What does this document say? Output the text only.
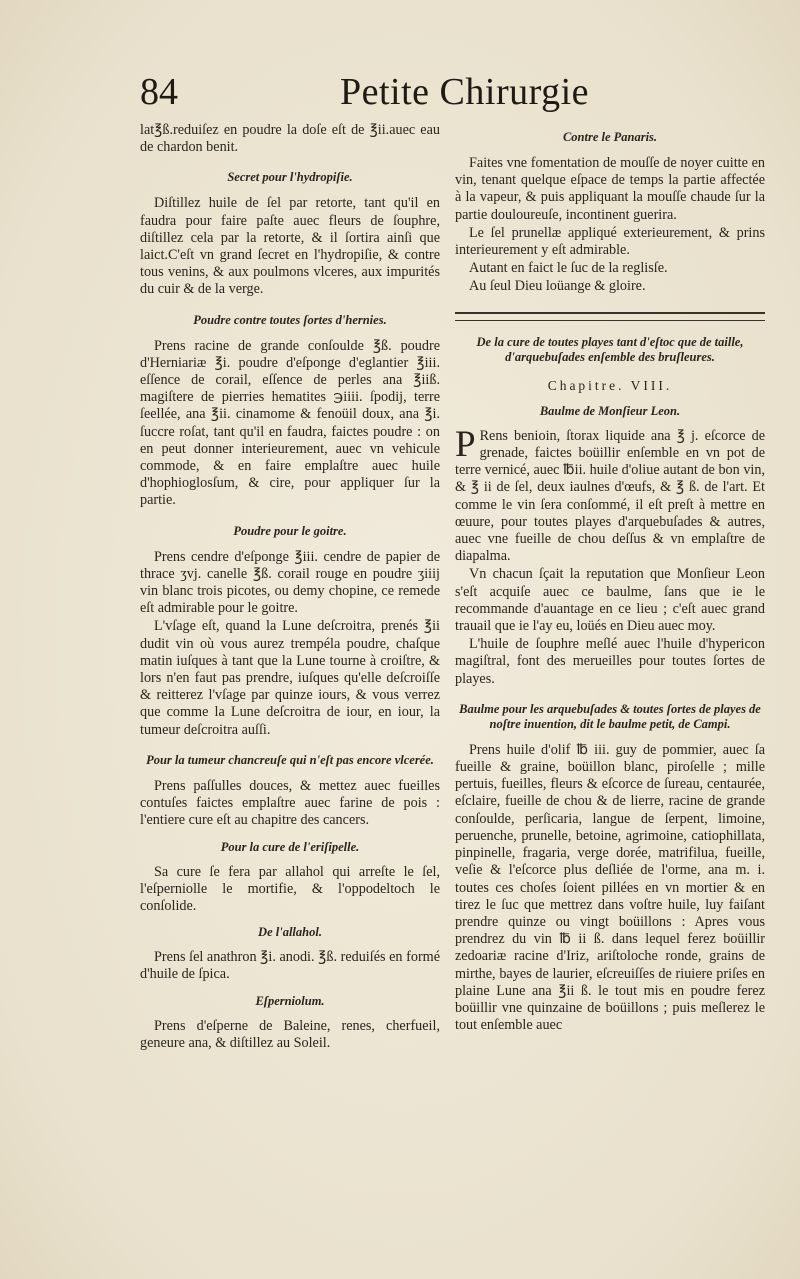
84	Petite Chirurgie

lat℥ß.reduiſez en poudre la doſe eſt de ℥ii.auec eau de chardon benit.

Secret pour l'hydropiſie.

Diſtillez huile de ſel par retorte, tant qu'il en faudra pour faire paſte auec fleurs de ſouphre, diſtillez cela par la retorte, & il ſortira ainſi que laict.C'eſt vn grand ſecret en l'hydropiſie, & contre tous venins, & aux poulmons vlceres, aux impurités du cuir & de la verge.

Poudre contre toutes ſortes d'hernies.

Prens racine de grande conſoulde ℥ß. poudre d'Herniariæ ℥i. poudre d'eſponge d'eglantier ℥iii. eſſence de corail, eſſence de perles ana ℥iiß. magiſtere de pierries hematites ℈iiii. ſpodij, terre ſeellée, ana ℥ii. cinamome & fenoüil doux, ana ℥i. ſuccre roſat, tant qu'il en faudra, faictes poudre : on en peut donner interieurement, auec vn vehicule commode, & en faire emplaſtre auec huile d'hophioglosſum, & cire, pour appliquer ſur la partie.

Poudre pour le goitre.

Prens cendre d'eſponge ℥iii. cendre de papier de thrace ʒvj. canelle ℥ß. corail rouge en poudre ʒiiij vin blanc trois picotes, ou demy chopine, ce remede eſt admirable pour le goitre.

L'vſage eſt, quand la Lune deſcroitra, prenés ℥ii dudit vin où vous aurez trempéla poudre, chaſque matin iuſques à tant que la Lune tourne à croiſtre, & lors n'en faut pas prendre, iuſques qu'elle deſcroiſſe & reitterez l'vſage par quinze iours, & vous verrez que comme la Lune deſcroitra de iour, en iour, la tumeur deſcroitra auſſi.

Pour la tumeur chancreuſe qui n'eſt pas encore vlcerée.

Prens paſſulles douces, & mettez auec fueilles contuſes faictes emplaſtre auec farine de pois : l'entiere cure eſt au chapitre des cancers.

Pour la cure de l'eriſipelle.

Sa cure ſe fera par allahol qui arreſte le ſel, l'eſperniolle le mortifie, & l'oppodeltoch le conſolide.

De l'allahol.

Prens ſel anathron ℥i. anodi. ℥ß. reduiſés en formé d'huile de ſpica.

Eſperniolum.

Prens d'eſperne de Baleine, renes, cherfueil, geneure ana, & diſtillez au Soleil.

Contre le Panaris.

Faites vne fomentation de mouſſe de noyer cuitte en vin, tenant quelque eſpace de temps la partie affectée à la vapeur, & puis appliquant la mouſſe chaude ſur la partie douloureuſe, incontinent guerira.

Le ſel prunellæ appliqué exterieurement, & prins interieurement y eſt admirable.

Autant en faict le ſuc de la reglisſe.

Au ſeul Dieu loüange & gloire.

De la cure de toutes playes tant d'eſtoc que de taille, d'arquebuſades enſemble des bruſleures.
Chapitre. VIII.
Baulme de Monſieur Leon.

P Rens benioin, ſtorax liquide ana ℥ j. eſcorce de grenade, faictes boüillir enſemble en vn pot de terre vernicé, auec ℔ii. huile d'oliue autant de bon vin, & ℥ ii de ſel, deux iaulnes d'œufs, & ℥ ß. de l'art. Et comme le vin ſera conſommé, il eſt preſt à mettre en œuure, pour toutes playes d'arquebuſades & autres, auec vne fueille de chou deſſus & vn emplaſtre de diapalma.

Vn chacun ſçait la reputation que Monſieur Leon s'eſt acquiſe auec ce baulme, ſans que ie le recommande d'auantage en ce lieu ; c'eſt auec grand trauail que ie l'ay eu, loüés en Dieu auec moy.

L'huile de ſouphre meſlé auec l'huile d'hypericon magiſtral, font des merueilles pour toutes ſortes de playes.

Baulme pour les arquebuſades & toutes ſortes de playes de noſtre inuention, dit le baulme petit, de Campi.

Prens huile d'olif ℔ iii. guy de pommier, auec ſa fueille & graine, boüillon blanc, piroſelle ; mille pertuis, fueilles, fleurs & eſcorce de ſureau, centaurée, eſclaire, fueille de chou & de lierre, racine de grande conſoulde, perſicaria, langue de ſerpent, limoine, peruenche, prunelle, betoine, agrimoine, catiophillata, pinpinelle, fragaria, verge dorée, matrifilua, fueille, veſie & l'eſcorce plus deſliée de l'orme, ana m. i. toutes ces choſes ſoient pillées en vn mortier & en tirez le ſuc que mettrez dans voſtre huile, luy faiſant prendre quinze ou vingt boüillons : Apres vous prendrez du vin ℔ ii ß. dans lequel ferez boüillir zedoariæ racine d'Iriz, ariſtoloche ronde, grains de mirthe, bayes de laurier, eſcreuiſſes de riuiere priſes en plaine Lune ana ℥ii ß. le tout mis en poudre ferez boüillir vne quinzaine de boüillons ; puis meſlerez le tout enſemble auec
